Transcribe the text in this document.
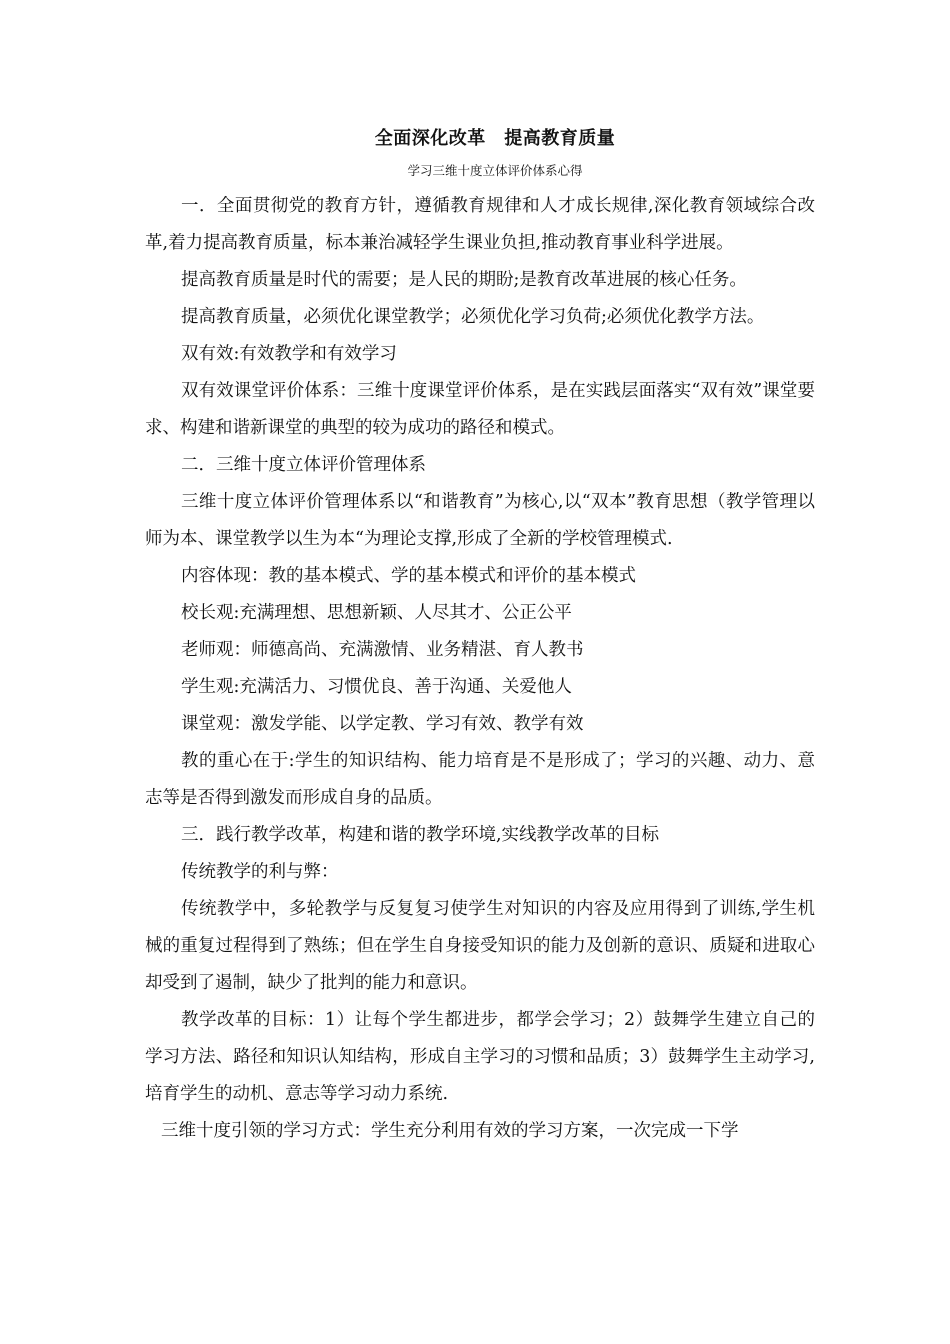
全面深化改革　提高教育质量
学习三维十度立体评价体系心得

一．全面贯彻党的教育方针，遵循教育规律和人才成长规律,深化教育领域综合改革,着力提高教育质量，标本兼治减轻学生课业负担,推动教育事业科学进展。

提高教育质量是时代的需要；是人民的期盼;是教育改革进展的核心任务。

提高教育质量，必须优化课堂教学；必须优化学习负荷;必须优化教学方法。

双有效:有效教学和有效学习

双有效课堂评价体系：三维十度课堂评价体系，是在实践层面落实“双有效”课堂要求、构建和谐新课堂的典型的较为成功的路径和模式。

二．三维十度立体评价管理体系

三维十度立体评价管理体系以“和谐教育”为核心,以“双本”教育思想（教学管理以师为本、课堂教学以生为本“为理论支撑,形成了全新的学校管理模式.

内容体现：教的基本模式、学的基本模式和评价的基本模式

校长观:充满理想、思想新颖、人尽其才、公正公平

老师观：师德高尚、充满激情、业务精湛、育人教书

学生观:充满活力、习惯优良、善于沟通、关爱他人

课堂观：激发学能、以学定教、学习有效、教学有效

教的重心在于:学生的知识结构、能力培育是不是形成了；学习的兴趣、动力、意志等是否得到激发而形成自身的品质。

三．践行教学改革，构建和谐的教学环境,实线教学改革的目标

传统教学的利与弊：

传统教学中，多轮教学与反复复习使学生对知识的内容及应用得到了训练,学生机械的重复过程得到了熟练；但在学生自身接受知识的能力及创新的意识、质疑和进取心却受到了遏制，缺少了批判的能力和意识。

教学改革的目标：1）让每个学生都进步，都学会学习；2）鼓舞学生建立自己的学习方法、路径和知识认知结构，形成自主学习的习惯和品质；3）鼓舞学生主动学习,培育学生的动机、意志等学习动力系统.

三维十度引领的学习方式：学生充分利用有效的学习方案，一次完成一下学
